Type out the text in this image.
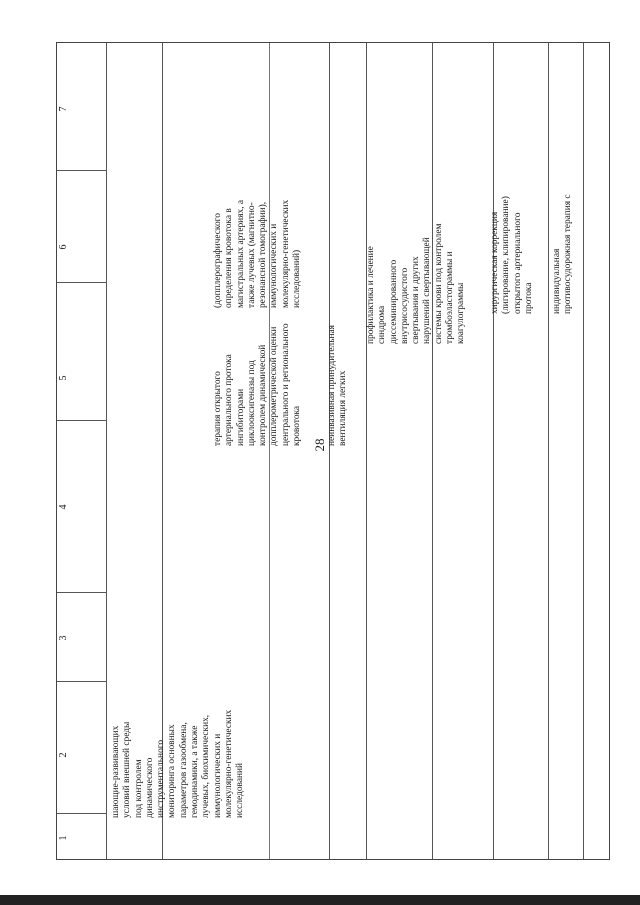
28
1
2
3
4
5
6
7
шающие-развивающих
условий внешней среды
под контролем
динамического
инструментального
мониторинга основных
параметров газообмена,
гемодинамики, а также
лучевых, биохимических,
иммунологических и
молекулярно-генетических
исследований
(допплерографического
определения кровотока в
магистральных артериях, а
также лучевых (магнитно-
резонансной томографии),
иммунологических и
молекулярно-генетических
исследований)
терапия открытого
артериального протока
ингибиторами
циклооксигеназы под
контролем динамической
допплерометрической оценки
центрального и регионального
кровотока	неинвазивная принудительная
вентиляция легких
профилактика и лечение
синдрома
диссеминированного
внутрисосудистого
свертывания и других
нарушений свертывающей
системы крови под контролем
тромбоэластограммы и
коагулограммы	хирургическая коррекция
(лигирование, клипирование)
открытого артериального
протока индивидуальная
противосудорожная терапия с
